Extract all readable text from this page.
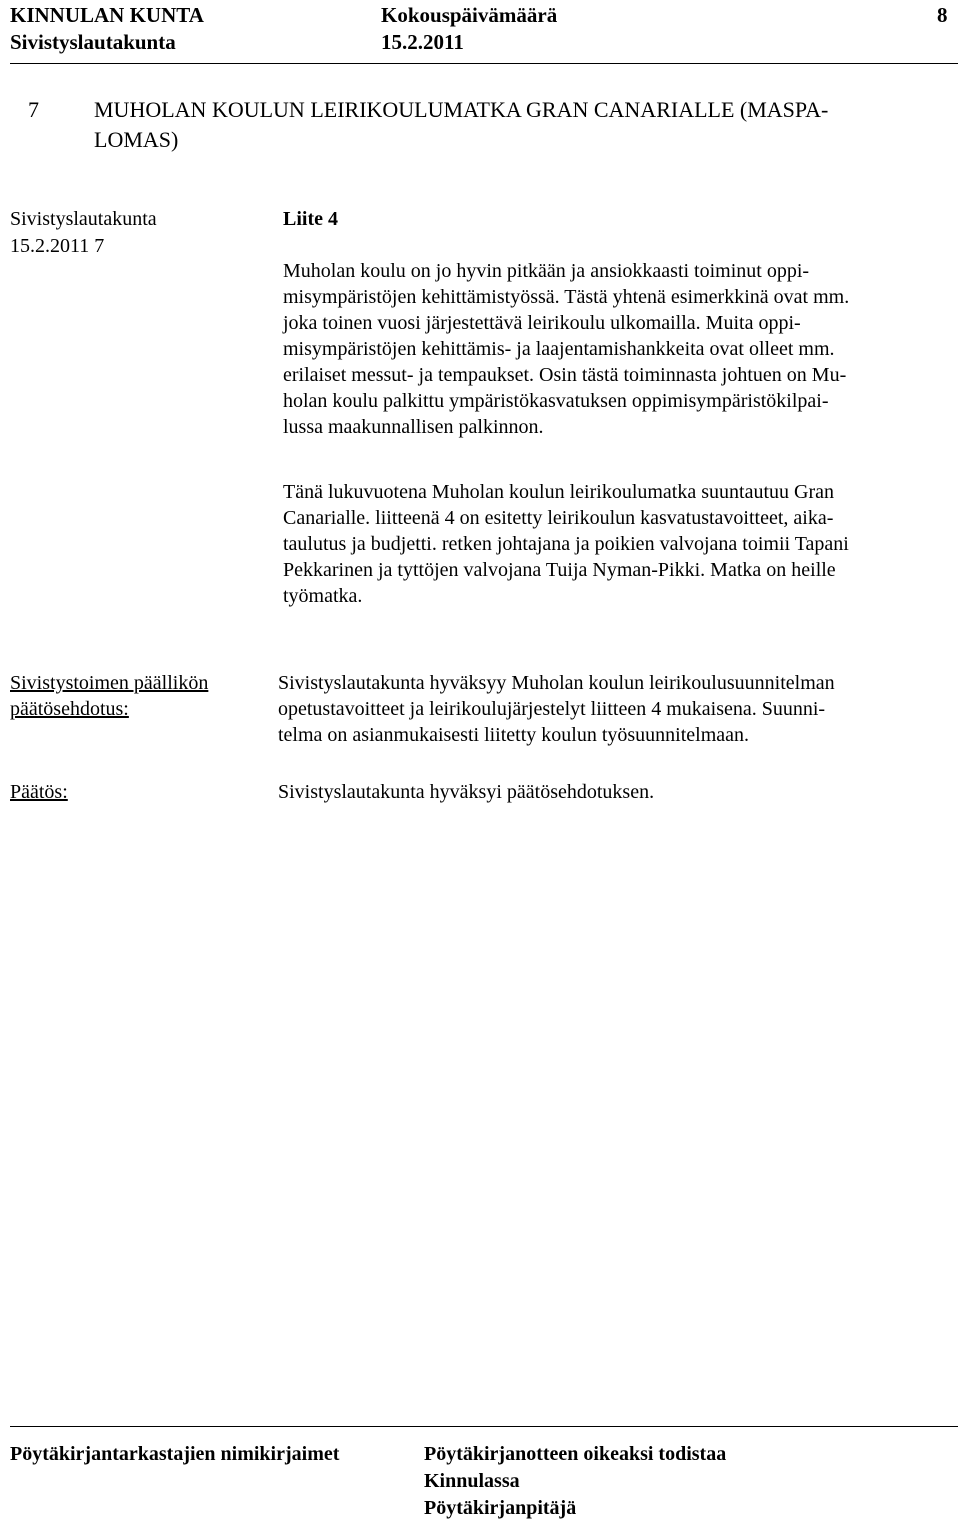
KINNULAN KUNTA	Kokouspäivämäärä	8
Sivistyslautakunta	15.2.2011
7	MUHOLAN KOULUN LEIRIKOULUMATKA GRAN CANARIALLE (MASPA-
LOMAS)
Sivistyslautakunta
15.2.2011 7
Liite 4
Muholan koulu on jo hyvin pitkään ja ansiokkaasti toiminut oppi-
misympäristöjen kehittämistyössä. Tästä yhtenä esimerkkinä ovat mm.
joka toinen vuosi järjestettävä leirikoulu ulkomailla. Muita oppi-
misympäristöjen kehittämis- ja laajentamishankkeita ovat olleet mm.
erilaiset messut- ja tempaukset. Osin tästä toiminnasta johtuen on Mu-
holan koulu palkittu ympäristökasvatuksen oppimisympäristökilpai-
lussa maakunnallisen palkinnon.
Tänä lukuvuotena Muholan koulun leirikoulumatka suuntautuu Gran
Canarialle. liitteenä 4 on esitetty leirikoulun kasvatustavoitteet, aika-
taulutus ja budjetti. retken johtajana ja poikien valvojana toimii Tapani
Pekkarinen ja tyttöjen valvojana Tuija Nyman-Pikki. Matka on heille
työmatka.
Sivistystoimen päällikön
päätösehdotus:
Sivistyslautakunta hyväksyy Muholan koulun leirikoulusuunnitelman
opetustavoitteet ja leirikoulujärjestelyt liitteen 4 mukaisena. Suunni-
telma on asianmukaisesti liitetty koulun työsuunnitelmaan.
Päätös:	Sivistyslautakunta hyväksyi päätösehdotuksen.
Pöytäkirjantarkastajien nimikirjaimet	Pöytäkirjanotteen oikeaksi todistaa
Kinnulassa
Pöytäkirjanpitäjä
